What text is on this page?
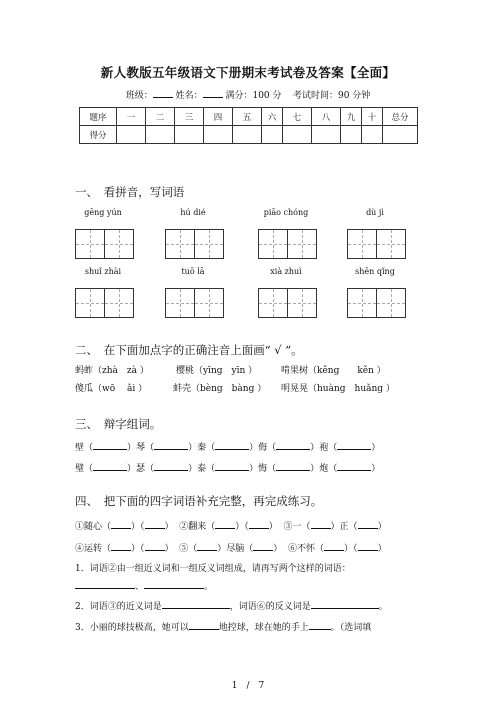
新人教版五年级语文下册期末考试卷及答案【全面】
班级：	姓名：	满分：100 分 考试时间：90 分钟
题序	一	二	三	四	五	六	七	八	九	十	总分
得分											
一、　看拼音，写词语
gēng yún	hú dié	piāo chóng	dù jì
shuǐ zhài	tuō lā	xià zhuì	shēn qǐng
二、　在下面加点字的正确注音上面画“ √ ”。
蚂蚱（zhà　zà ）	樱桃（yīng　yīn ）	啃果树（kěng　　kěn ）
傻瓜（wō　 ǎi ）	蚌壳（bèng　bàng ） 明晃晃（huàng　huǎng ）
三、　辩字组词。
壁（	）琴（	）秦（	）侮（	）袍（	）
璧（	）瑟（	）泰（	）悔（	）炮（	）
四、　把下面的四字词语补充完整，再完成练习。
①随心（ ）（ ）  ②翻来（ ）（ ）  ③一（ ）正（ ）
④运转（ ）（ ）  ⑤（ ）尽脑（ ）  ⑥不怀（ ）（ ）
1．词语②由一组近义词和一组反义词组成，请再写两个这样的词语：
、	。
2．词语③的近义词是	，词语⑥的反义词是	。
3．小丽的球技极高，她可以	地控球，球在她的手上 。（选词填
1　/　7
